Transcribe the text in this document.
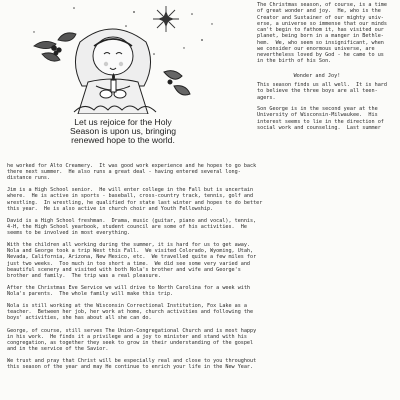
Let us rejoice for the Holy
Season is upon us, bringing
renewed hope to the world.
The Christmas season, of course, is a time
of great wonder and joy.  He, who is the
Creator and Sustainer of our mighty univ-
erse, a universe so immense that our minds
can't begin to fathom it, has visited our
planet, being born in a manger in Bethle-
hem.  We, who seem so insignificant, when
we consider our enormous universe, are
nevertheless loved by God - he came to us
in the birth of his Son.
Wonder and Joy!
This season finds us all well.  It is hard
to believe the three boys are all teen-
agers.
Son George is in the second year at the
University of Wisconsin-Milwaukee.  His
interest seems to lie in the direction of
social work and counseling.  Last summer
he worked for Alto Creamery.  It was good work experience and he hopes to go back
there next summer.  He also runs a great deal - having entered several long-
distance runs.
Jim is a High School senior.  He will enter college in the Fall but is uncertain
where.  He is active in sports - baseball, cross-country track, tennis, golf and
wrestling.  In wrestling, he qualified for state last winter and hopes to do better
this year.  He is also active in church choir and Youth Fellowship.
David is a High School freshman.  Drama, music (guitar, piano and vocal), tennis,
4-H, the High School yearbook, student council are some of his activities.  He
seems to be involved in most everything.
With the children all working during the summer, it is hard for us to get away.
Nola and George took a trip West this Fall.  We visited Colorado, Wyoming, Utah,
Nevada, California, Arizona, New Mexico, etc.  We travelled quite a few miles for
just two weeks.  Too much in too short a time.  We did see some very varied and
beautiful scenery and visited with both Nola's brother and wife and George's
brother and family.  The trip was a real pleasure.
After the Christmas Eve Service we will drive to North Carolina for a week with
Nola's parents.  The whole family will make this trip.
Nola is still working at the Wisconsin Correctional Institution, Fox Lake as a
teacher.  Between her job, her work at home, church activities and following the
boys' activities, she has about all she can do.
George, of course, still serves The Union-Congregational Church and is most happy
in his work.  He finds it a privilege and a joy to minister and stand with his
congregation, as together they seek to grow in their understanding of the gospel
and in the service of the Savior.
We trust and pray that Christ will be especially real and close to you throughout
this season of the year and may He continue to enrich your life in the New Year.
